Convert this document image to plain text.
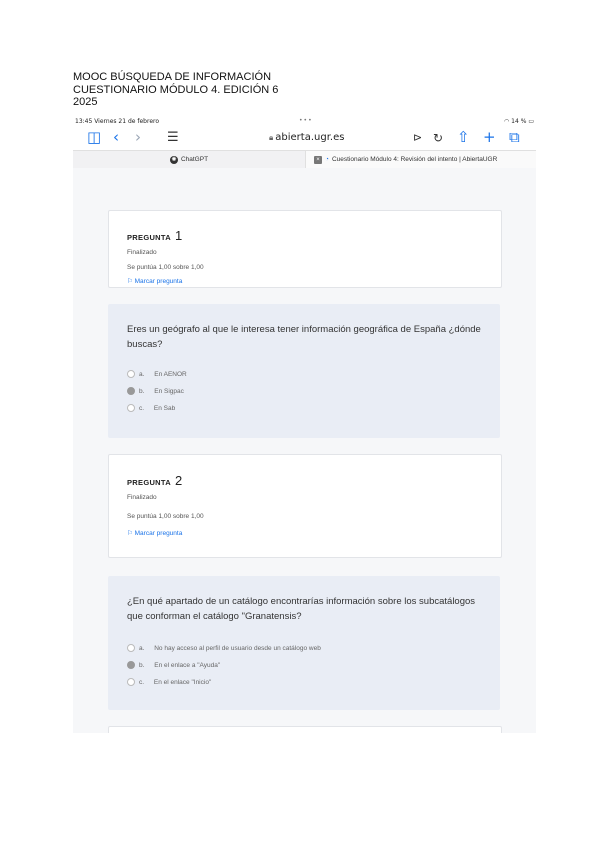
MOOC BÚSQUEDA DE INFORMACIÓN
CUESTIONARIO MÓDULO 4. EDICIÓN 6
2025
13:45 Viernes 21 de febrero	•••	◠ 14 % ▭
◫ ‹ › ☰	🔒︎ abierta.ugr.es	⊳ ↻ ⇧ + ⧉
✺ ChatGPT	× ◔ Cuestionario Módulo 4: Revisión del intento | AbiertaUGR
PREGUNTA 1
Finalizado
Se puntúa 1,00 sobre 1,00
⚐ Marcar pregunta
Eres un geógrafo al que le interesa tener información geográfica de España ¿dónde buscas?
a.
En AENOR
b.
En Sigpac
c.
En Sab
PREGUNTA 2
Finalizado
Se puntúa 1,00 sobre 1,00
⚐ Marcar pregunta
¿En qué apartado de un catálogo encontrarías información sobre los subcatálogos que conforman el catálogo "Granatensis?
a.
No hay acceso al perfil de usuario desde un catálogo web
b.
En el enlace a "Ayuda"
c.
En el enlace "Inicio"
